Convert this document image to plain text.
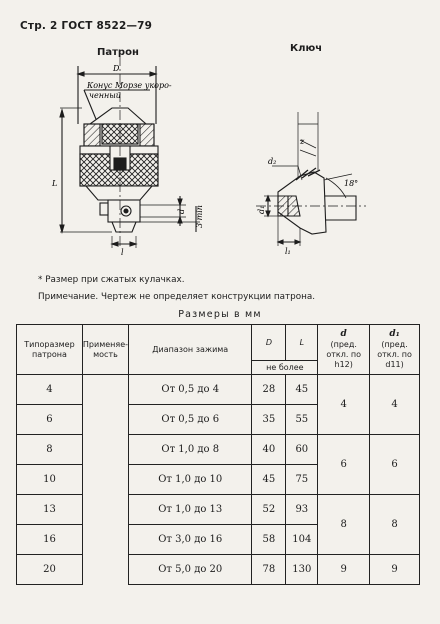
Стр. 2 ГОСТ 8522—79
Патрон	Ключ
D
Конус Морзе укоро-
ченный
L
d 3 min
l
d₂
z
18°
d₁
l₁
* Размер при сжатых кулачках.
Примечание. Чертеж не определяет конструкции патрона.
Размеры в мм
Типоразмер патрона	Применяе-мость	Диапазон зажима	D	L	d
(пред. откл. по h12)	d₁
(пред. откл. по d11)
			не более			
4		От 0,5 до 4	28	45	4	4
6		От 0,5 до 6	35	55		
8		От 1,0 до 8	40	60	6	6
10		От 1,0 до 10	45	75		
13		От 1,0 до 13	52	93	8	8
16		От 3,0 до 16	58	104		
20		От 5,0 до 20	78	130	9	9
